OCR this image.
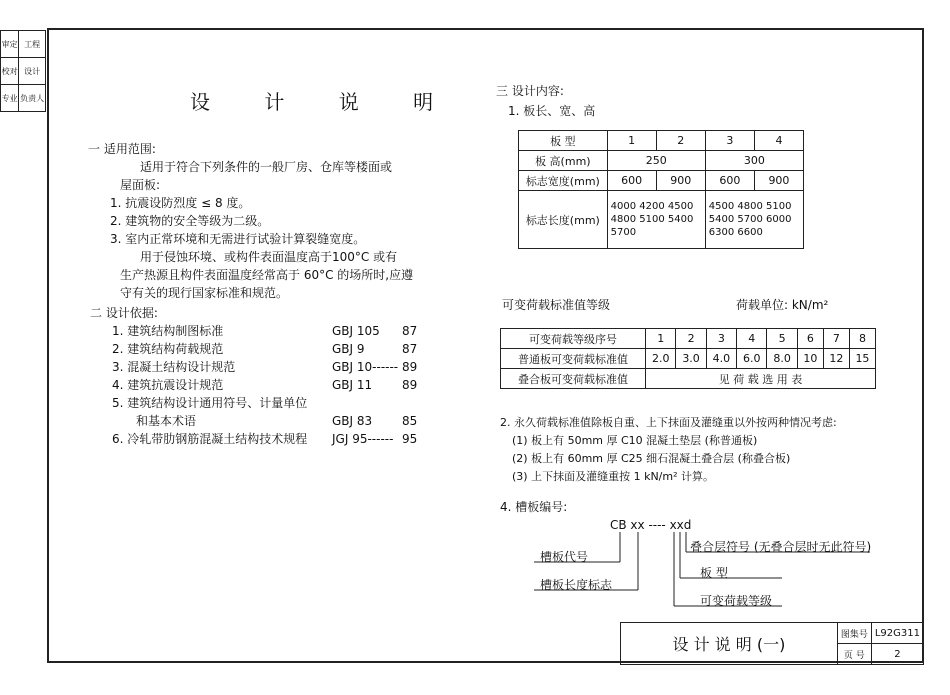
审定	工程
校对	设计
专业	负责人	设 计 说 明
一 适用范围:
适用于符合下列条件的一般厂房、仓库等楼面或
屋面板:
1. 抗震设防烈度 ≤ 8 度。
2. 建筑物的安全等级为二级。
3. 室内正常环境和无需进行试验计算裂缝宽度。
用于侵蚀环境、或构件表面温度高于100°C 或有
生产热源且构件表面温度经常高于 60°C 的场所时,应遵
守有关的现行国家标准和规范。
二 设计依据:
1. 建筑结构制图标准	GBJ 105 87
2. 建筑结构荷载规范	GBJ 9	87
3. 混凝土结构设计规范	GBJ 10------ 89
4. 建筑抗震设计规范	GBJ 11 89
5. 建筑结构设计通用符号、计量单位
和基本术语	GBJ 83 85
6. 冷轧带肋钢筋混凝土结构技术规程 JGJ 95------ 95
三 设计内容:
1. 板长、宽、高
板 型	1	2	3	4
板 高(mm)	250		300	
标志宽度(mm)	600	900	600	900
标志长度(mm)	4000 4200 4500
4800 5100 5400
5700		4500 4800 5100
5400 5700 6000
6300 6600	
可变荷载标准值等级	荷载单位: kN/m²
可变荷载等级序号	1	2	3	4	5	6	7	8
普通板可变荷载标准值	2.0	3.0	4.0	6.0	8.0	10	12	15
叠合板可变荷载标准值	见 荷 载 选 用 表							
2. 永久荷载标准值除板自重、上下抹面及灌缝重以外按两种情况考虑:
(1) 板上有 50mm 厚 C10 混凝土垫层 (称普通板)
(2) 板上有 60mm 厚 C25 细石混凝土叠合层 (称叠合板)
(3) 上下抹面及灌缝重按 1 kN/m² 计算。
4. 槽板编号:
CB xx ---- xxd
槽板代号
槽板长度标志
叠合层符号 (无叠合层时无此符号)
板 型
可变荷载等级
设 计 说 明 (一)	图集号	L92G311
	页 号	2
